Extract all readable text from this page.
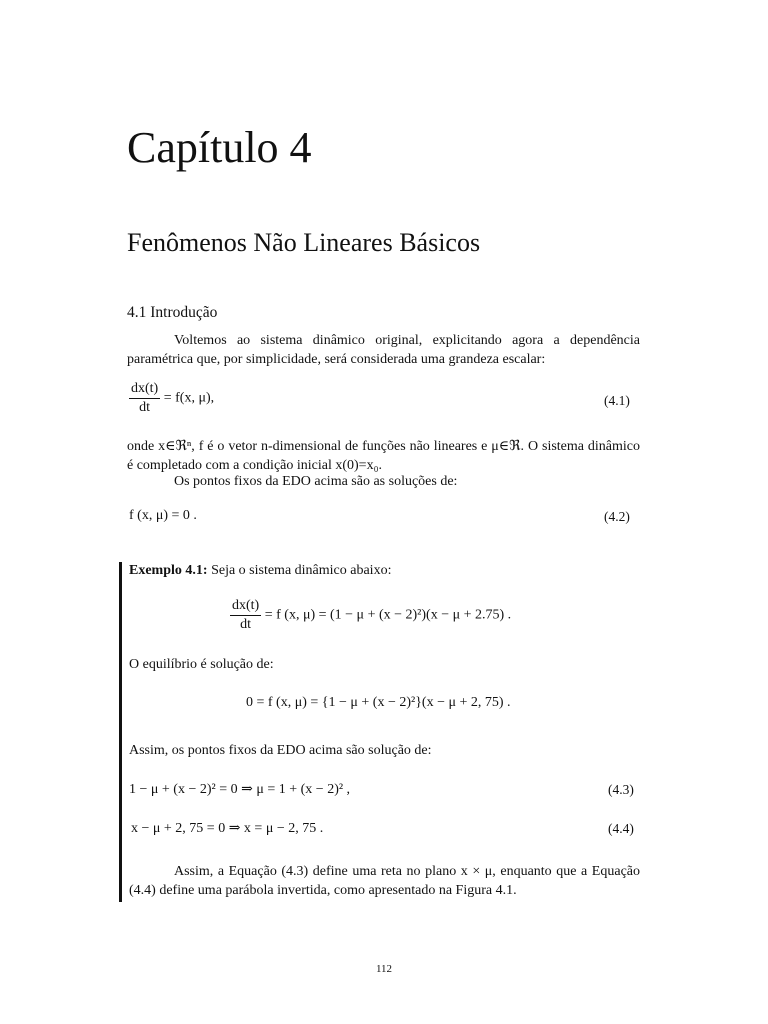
Capítulo 4
Fenômenos Não Lineares Básicos
4.1 Introdução
Voltemos ao sistema dinâmico original, explicitando agora a dependência paramétrica que, por simplicidade, será considerada uma grandeza escalar:
$\frac{dx(t)}{dt} = f(x$, μ),	(4.1)
onde x∈ℜⁿ, f é o vetor n-dimensional de funções não lineares e μ∈ℜ. O sistema dinâmico é completado com a condição inicial x(0)=x₀.
Os pontos fixos da EDO acima são as soluções de:
f (x, μ) = 0 .	(4.2)
Exemplo 4.1: Seja o sistema dinâmico abaixo:
$\frac{dx(t)}{dt} = f$ (x, μ) = (1 − μ + (x − 2)²)(x − μ + 2.75) .
O equilíbrio é solução de:
0 = f (x, μ) = {1 − μ + (x − 2)²}(x − μ + 2, 75) .
Assim, os pontos fixos da EDO acima são solução de:
1 − μ + (x − 2)² = 0 ⇒ μ = 1 + (x − 2)² ,	(4.3)
x − μ + 2, 75 = 0 ⇒ x = μ − 2, 75 .	(4.4)
Assim, a Equação (4.3) define uma reta no plano x × μ, enquanto que a Equação (4.4) define uma parábola invertida, como apresentado na Figura 4.1.
112
